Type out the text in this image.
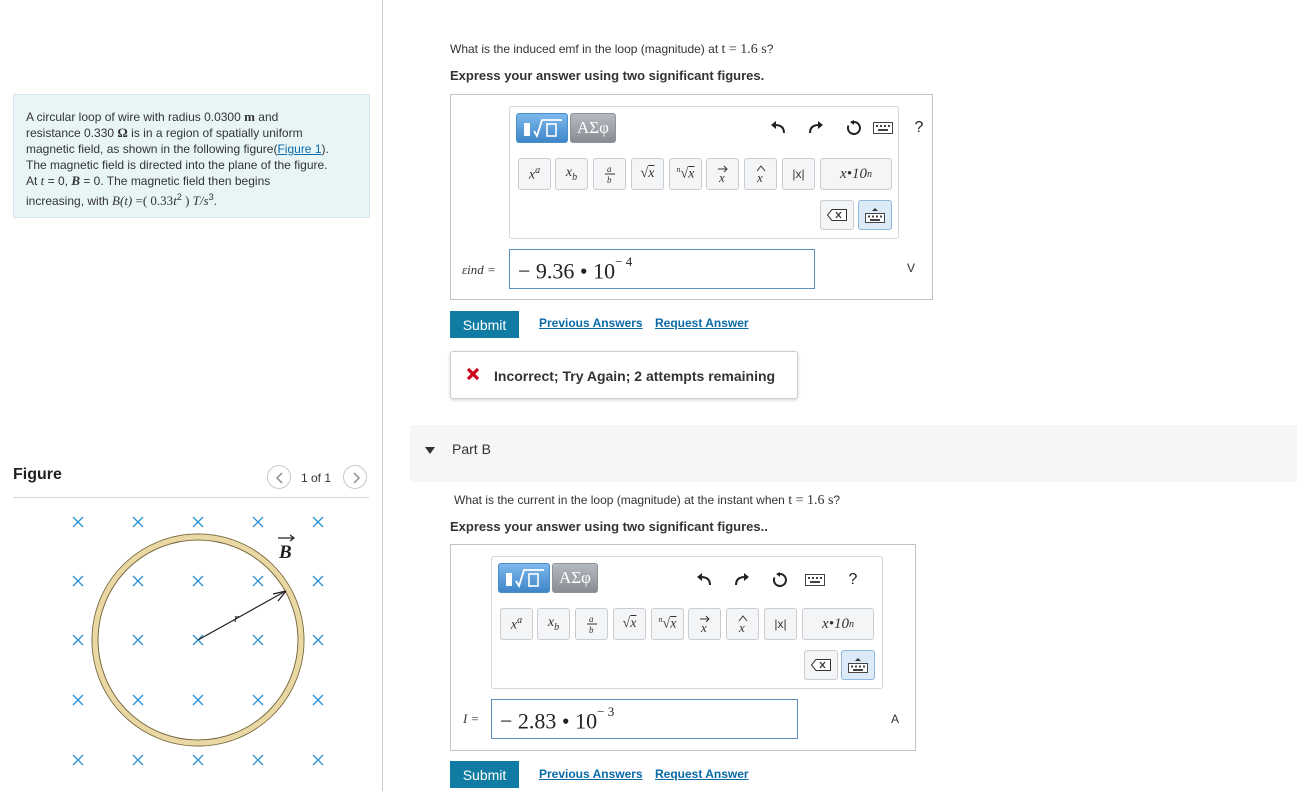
A circular loop of wire with radius 0.0300 m and
resistance 0.330 Ω is in a region of spatially uniform
magnetic field, as shown in the following figure(Figure 1).
The magnetic field is directed into the plane of the figure.
At t = 0, B = 0. The magnetic field then begins
increasing, with B(t) =( $0.33t^2$ ) $T/s^3$.
Figure	1 of 1
r
B
What is the induced emf in the loop (magnitude) at t = 1.6 s?
Express your answer using two significant figures.
ΑΣφ	?
$x^a$ $x_b$
a
b √x	$^n$√x x x	|x|	x•10 n
εind =	− 9.36 • $10^{- 4}$	V
Submit	Previous Answers Request Answer
Incorrect; Try Again; 2 attempts remaining
Part B
What is the current in the loop (magnitude) at the instant when t = 1.6 s?
Express your answer using two significant figures..
ΑΣφ	?
$x^a$ $x_b$
a
b √x	$^n$√x x x	|x|	x•10 n
I = − 2.83 • $10^{- 3}$	A
Submit	Previous Answers Request Answer
